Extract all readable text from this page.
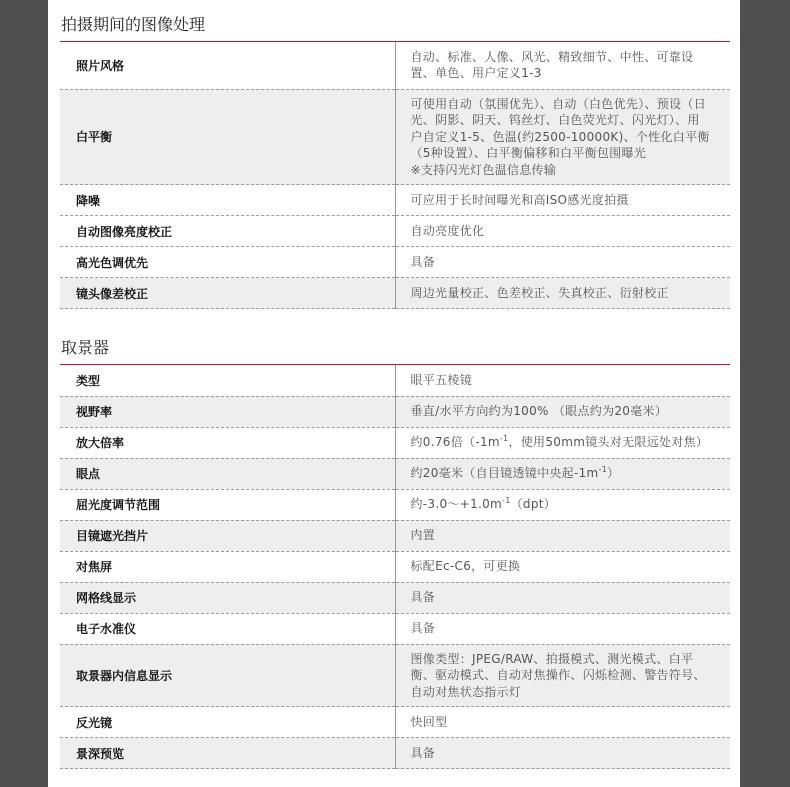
拍摄期间的图像处理
照片风格	自动、标准、人像、风光、精致细节、中性、可靠设置、单色、用户定义1-3
白平衡	可使用自动（氛围优先）、自动（白色优先）、预设（日光、阴影、阴天、钨丝灯、白色荧光灯、闪光灯）、用户自定义1-5、色温(约2500-10000K)、个性化白平衡（5种设置）、白平衡偏移和白平衡包围曝光
※支持闪光灯色温信息传输
降噪	可应用于长时间曝光和高ISO感光度拍摄
自动图像亮度校正	自动亮度优化
高光色调优先	具备
镜头像差校正	周边光量校正、色差校正、失真校正、衍射校正
取景器
类型	眼平五棱镜
视野率	垂直/水平方向约为100% （眼点约为20毫米）
放大倍率	约0.76倍（$-1m^{-1}$，使用50mm镜头对无限远处对焦）
眼点	约20毫米（自目镜透镜中央起$-1m^{-1}$）
屈光度调节范围	约$-3.0\sim+1.0m^{-1}(dpt)$
目镜遮光挡片	内置
对焦屏	标配Ec-C6，可更换
网格线显示	具备
电子水准仪	具备
取景器内信息显示	图像类型：JPEG/RAW、拍摄模式、测光模式、白平衡、驱动模式、自动对焦操作、闪烁检测、警告符号、自动对焦状态指示灯
反光镜	快回型
景深预览	具备
